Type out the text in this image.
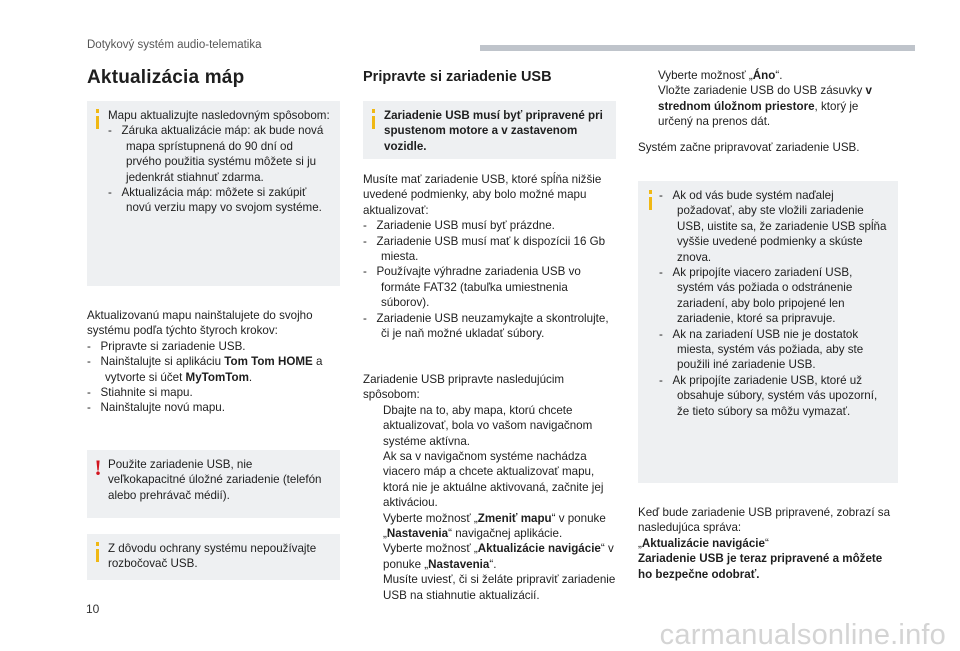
Dotykový systém audio-telematika
Aktualizácia máp

Mapu aktualizujte nasledovným spôsobom:

- Záruka aktualizácie máp: ak bude nová mapa sprístupnená do 90 dní od prvého použitia systému môžete si ju jedenkrát stiahnuť zdarma.

- Aktualizácia máp: môžete si zakúpiť novú verziu mapy vo svojom systéme.

Aktualizovanú mapu nainštalujete do svojho systému podľa týchto štyroch krokov:

- Pripravte si zariadenie USB.

- Nainštalujte si aplikáciu Tom Tom HOME a vytvorte si účet MyTomTom.

- Stiahnite si mapu.

- Nainštalujte novú mapu.

! Použite zariadenie USB, nie veľkokapacitné úložné zariadenie (telefón alebo prehrávač médií).

Z dôvodu ochrany systému nepoužívajte rozbočovač USB.

Pripravte si zariadenie USB

Zariadenie USB musí byť pripravené pri spustenom motore a v zastavenom vozidle.

Musíte mať zariadenie USB, ktoré spĺňa nižšie uvedené podmienky, aby bolo možné mapu aktualizovať:

- Zariadenie USB musí byť prázdne.

- Zariadenie USB musí mať k dispozícii 16 Gb miesta.

- Používajte výhradne zariadenia USB vo formáte FAT32 (tabuľka umiestnenia súborov).

- Zariadenie USB neuzamykajte a skontrolujte, či je naň možné ukladať súbory.

Zariadenie USB pripravte nasledujúcim spôsobom:

Dbajte na to, aby mapa, ktorú chcete aktualizovať, bola vo vašom navigačnom systéme aktívna.

Ak sa v navigačnom systéme nachádza viacero máp a chcete aktualizovať mapu, ktorá nie je aktuálne aktivovaná, začnite jej aktiváciou.

Vyberte možnosť „Zmeniť mapu“ v ponuke „Nastavenia“ navigačnej aplikácie.

Vyberte možnosť „Aktualizácie navigácie“ v ponuke „Nastavenia“.

Musíte uviesť, či si želáte pripraviť zariadenie USB na stiahnutie aktualizácií.

Vyberte možnosť „Áno“.

Vložte zariadenie USB do USB zásuvky v strednom úložnom priestore, ktorý je určený na prenos dát.

Systém začne pripravovať zariadenie USB.

- Ak od vás bude systém naďalej požadovať, aby ste vložili zariadenie USB, uistite sa, že zariadenie USB spĺňa vyššie uvedené podmienky a skúste znova.

- Ak pripojíte viacero zariadení USB, systém vás požiada o odstránenie zariadení, aby bolo pripojené len zariadenie, ktoré sa pripravuje.

- Ak na zariadení USB nie je dostatok miesta, systém vás požiada, aby ste použili iné zariadenie USB.

- Ak pripojíte zariadenie USB, ktoré už obsahuje súbory, systém vás upozorní, že tieto súbory sa môžu vymazať.

Keď bude zariadenie USB pripravené, zobrazí sa nasledujúca správa:

„Aktualizácie navigácie“

Zariadenie USB je teraz pripravené a môžete ho bezpečne odobrať.

10
carmanualsonline.info
